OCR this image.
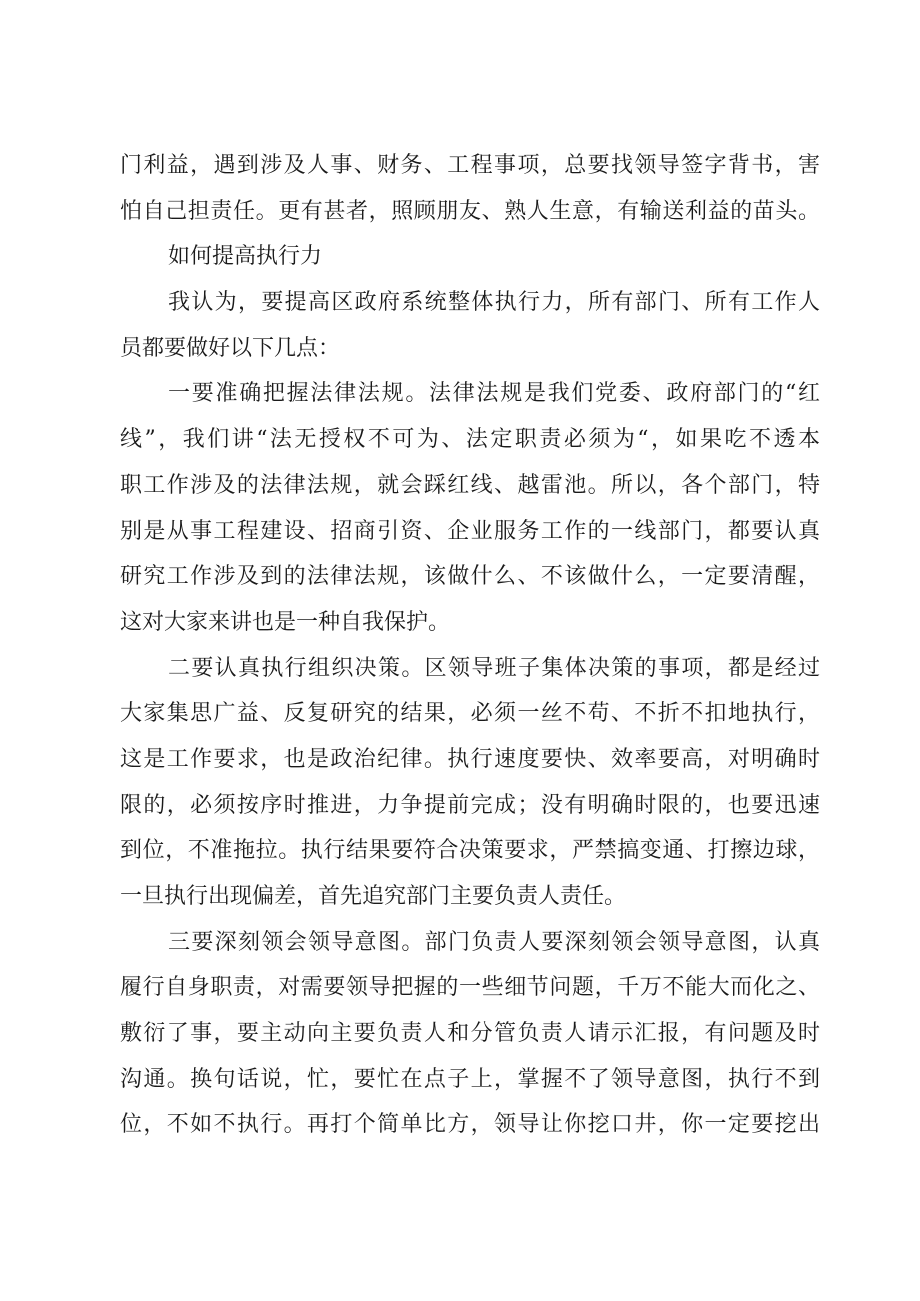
门利益，遇到涉及人事、财务、工程事项，总要找领导签字背书，害
怕自己担责任。更有甚者，照顾朋友、熟人生意，有输送利益的苗头。
如何提高执行力
我认为，要提高区政府系统整体执行力，所有部门、所有工作人
员都要做好以下几点：
一要准确把握法律法规。法律法规是我们党委、政府部门的“红
线”，我们讲“法无授权不可为、法定职责必须为“，如果吃不透本
职工作涉及的法律法规，就会踩红线、越雷池。所以，各个部门，特
别是从事工程建设、招商引资、企业服务工作的一线部门，都要认真
研究工作涉及到的法律法规，该做什么、不该做什么，一定要清醒，
这对大家来讲也是一种自我保护。
二要认真执行组织决策。区领导班子集体决策的事项，都是经过
大家集思广益、反复研究的结果，必须一丝不苟、不折不扣地执行，
这是工作要求，也是政治纪律。执行速度要快、效率要高，对明确时
限的，必须按序时推进，力争提前完成；没有明确时限的，也要迅速
到位，不准拖拉。执行结果要符合决策要求，严禁搞变通、打擦边球，
一旦执行出现偏差，首先追究部门主要负责人责任。
三要深刻领会领导意图。部门负责人要深刻领会领导意图，认真
履行自身职责，对需要领导把握的一些细节问题，千万不能大而化之、
敷衍了事，要主动向主要负责人和分管负责人请示汇报，有问题及时
沟通。换句话说，忙，要忙在点子上，掌握不了领导意图，执行不到
位，不如不执行。再打个简单比方，领导让你挖口井，你一定要挖出
